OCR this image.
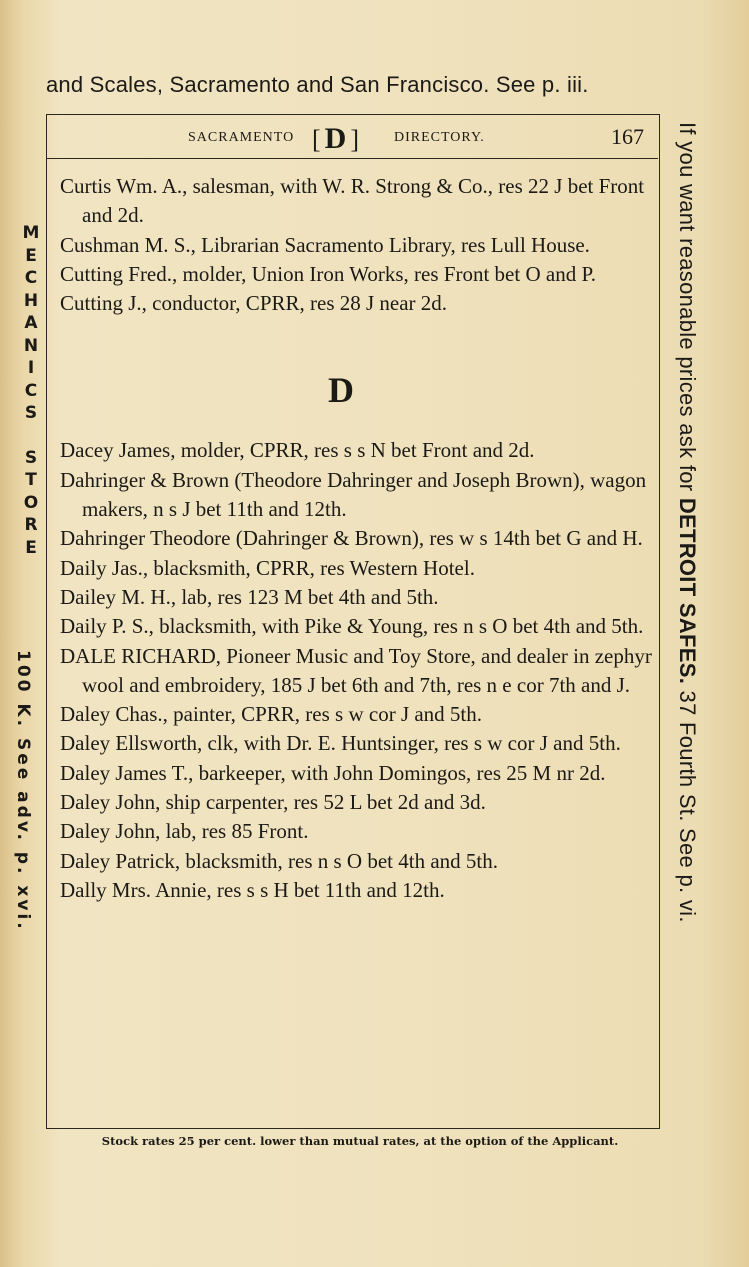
and Scales, Sacramento and San Francisco. See p. iii.
SACRAMENTO [ D ] DIRECTORY.	167

Curtis Wm. A., salesman, with W. R. Strong & Co., res 22 J bet Front and 2d.

Cushman M. S., Librarian Sacramento Library, res Lull House.

Cutting Fred., molder, Union Iron Works, res Front bet O and P.

Cutting J., conductor, CPRR, res 28 J near 2d.

D

Dacey James, molder, CPRR, res s s N bet Front and 2d.

Dahringer & Brown (Theodore Dahringer and Joseph Brown), wagon makers, n s J bet 11th and 12th.

Dahringer Theodore (Dahringer & Brown), res w s 14th bet G and H.

Daily Jas., blacksmith, CPRR, res Western Hotel.

Dailey M. H., lab, res 123 M bet 4th and 5th.

Daily P. S., blacksmith, with Pike & Young, res n s O bet 4th and 5th.

DALE RICHARD, Pioneer Music and Toy Store, and dealer in zephyr wool and embroidery, 185 J bet 6th and 7th, res n e cor 7th and J.

Daley Chas., painter, CPRR, res s w cor J and 5th.

Daley Ellsworth, clk, with Dr. E. Huntsinger, res s w cor J and 5th.

Daley James T., barkeeper, with John Domingos, res 25 M nr 2d.

Daley John, ship carpenter, res 52 L bet 2d and 3d.

Daley John, lab, res 85 Front.

Daley Patrick, blacksmith, res n s O bet 4th and 5th.

Dally Mrs. Annie, res s s H bet 11th and 12th.

Stock rates 25 per cent. lower than mutual rates, at the option of the Applicant.
M
E
C
H
A
N
I
C
S

S
T
O
R
E
100 K. See adv. p. xvi.
If you want reasonable prices ask for DETROIT SAFES. 37 Fourth St. See p. vi.
